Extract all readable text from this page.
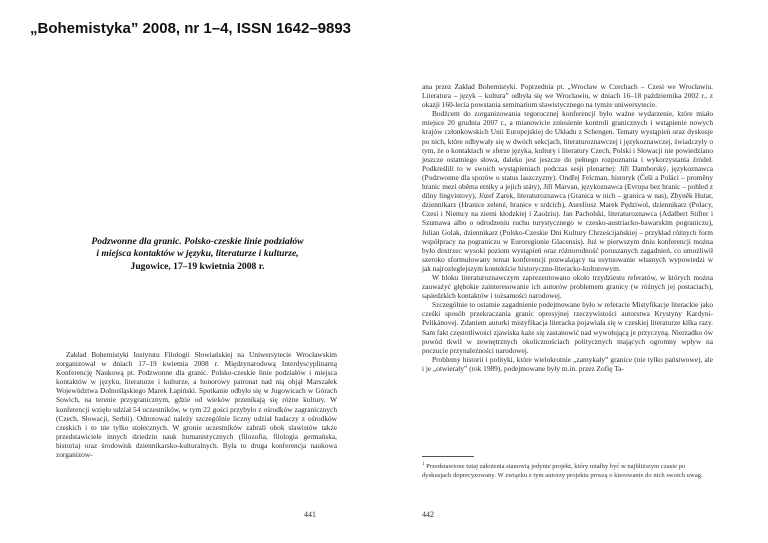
„Bohemistyka” 2008, nr 1–4, ISSN 1642–9893
Podzwonne dla granic. Polsko-czeskie linie podziałów
i miejsca kontaktów w języku, literaturze i kulturze,
Jugowice, 17–19 kwietnia 2008 r.

Zakład Bohemistyki Instytutu Filologii Słowiańskiej na Uniwersytecie Wrocławskim zorganizował w dniach 17–19 kwietnia 2008 r. Międzynarodową Interdyscyplinarną Konferencję Naukową pt. Podzwonne dla granic. Polsko-czeskie linie podziałów i miejsca kontaktów w języku, literaturze i kulturze, a honorowy patronat nad nią objął Marszałek Województwa Dolnośląskiego Marek Łapiński. Spotkanie odbyło się w Jugowicach w Górach Sowich, na terenie przygranicznym, gdzie od wieków przenikają się różne kultury. W konferencji wzięło udział 54 uczestników, w tym 22 gości przybyło z ośrodków zagranicznych (Czech, Słowacji, Serbii). Odnotować należy szczególnie liczny udział badaczy z ośrodków czeskich i to nie tylko stołecznych. W gronie uczestników zabrali obok slawistów także przedstawiciele innych dziedzin nauk humanistycznych (filozofia, filologia germańska, historia) oraz środowisk dziennikarsko-kulturalnych. Była to druga konferencja naukowa zorganizow-

441

ana przez Zakład Bohemistyki. Poprzednia pt. „Wrocław w Czechach – Czesi we Wrocławiu. Literatura – język – kultura” odbyła się we Wrocławiu, w dniach 16–18 października 2002 r., z okazji 160-lecia powstania seminarium slawistycznego na tymże uniwersytecie.

Bodźcem do zorganizowania tegorocznej konferencji było ważne wydarzenie, które miało miejsce 20 grudnia 2007 r., a mianowicie zniesienie kontroli granicznych i wstąpienie nowych krajów członkowskich Unii Europejskiej do Układu z Schengen. Tematy wystąpień oraz dyskusje po nich, które odbywały się w dwóch sekcjach, literaturoznawczej i językoznawczej, świadczyły o tym, że o kontaktach w sferze języka, kultury i literatury Czech, Polski i Słowacji nie powiedziano jeszcze ostatniego słowa, daleko jest jeszcze do pełnego rozpoznania i wykorzystania źródeł. Podkreślili to w swoich wystąpieniach podczas sesji plenarnej: Jiří Damborský, językoznawca (Podzwonne dla sporów o status laszczyzny). Ondřej Felcman, historyk (Češi a Poláci – proměny hranic mezi oběma etniky a jejich státy), Jiří Marvan, językoznawca (Evropa bez hranic – pohled z dílny lingvistovy), Józef Zarek, literaturoznawca (Granica w nich – granica w nas), Zbyněk Hutar, dziennikarz (Hranice zelené, hranice v srdcích), Aureliusz Marek Pędziwol, dziennikarz (Polacy, Czesi i Niemcy na ziemi kłodzkiej i Zaolziu). Jan Pacholski, literaturoznawca (Adalbert Stifter i Szumawa albo o odrodzeniu ruchu turystycznego w czesko-austriacko-bawarskim pograniczu), Julian Golak, dziennikarz (Polsko-Czeskie Dni Kultury Chrześcijańskiej – przykład różnych form współpracy na pograniczu w Euroregionie Glacensis). Już w pierwszym dniu konferencji można było dostrzec wysoki poziom wystąpień oraz różnorodność poruszanych zagadnień, co umożliwił szeroko sformułowany temat konferencji pozwalający na usytuowanie własnych wypowiedzi w jak najrozleglejszym kontekście historyczno-literacko-kulturowym.

W bloku literaturoznawczym zaprezentowano około trzydziestu referatów, w których można zauważyć głębokie zainteresowanie ich autorów problemem granicy (w różnych jej postaciach), sąsiedzkich kontaktów i tożsamości narodowej.

Szczególnie to ostatnie zagadnienie podejmowane było w referacie Mistyfikacje literackie jako cześki sposób przekraczania granic opresyjnej rzeczywistości autorstwa Krystyny Kardyni-Pelikánovej. Zdaniem autorki mistyfikacja literacka pojawiała się w czeskiej literaturze kilka razy. Sam fakt częstotliwości zjawiska każe się zastanowić nad wywołującą je przyczyną. Nierzadko ów powód tkwił w zewnętrznych okolicznościach politycznych mających ogromny wpływ na poczucie przynależności narodowej.

Problemy historii i polityki, które wielokrotnie „zamykały” granice (nie tylko państwowe), ale i je „otwierały” (rok 1989), podejmowane były m.in. przez Zofię Ta-

$^1$ Przedstawione tutaj założenia stanowią jedynie projekt, który miałby być w najbliższym czasie po dyskusjach doprecyzowany. W związku z tym autorzy projektu proszą o kierowanie do nich swoich uwag.
442
